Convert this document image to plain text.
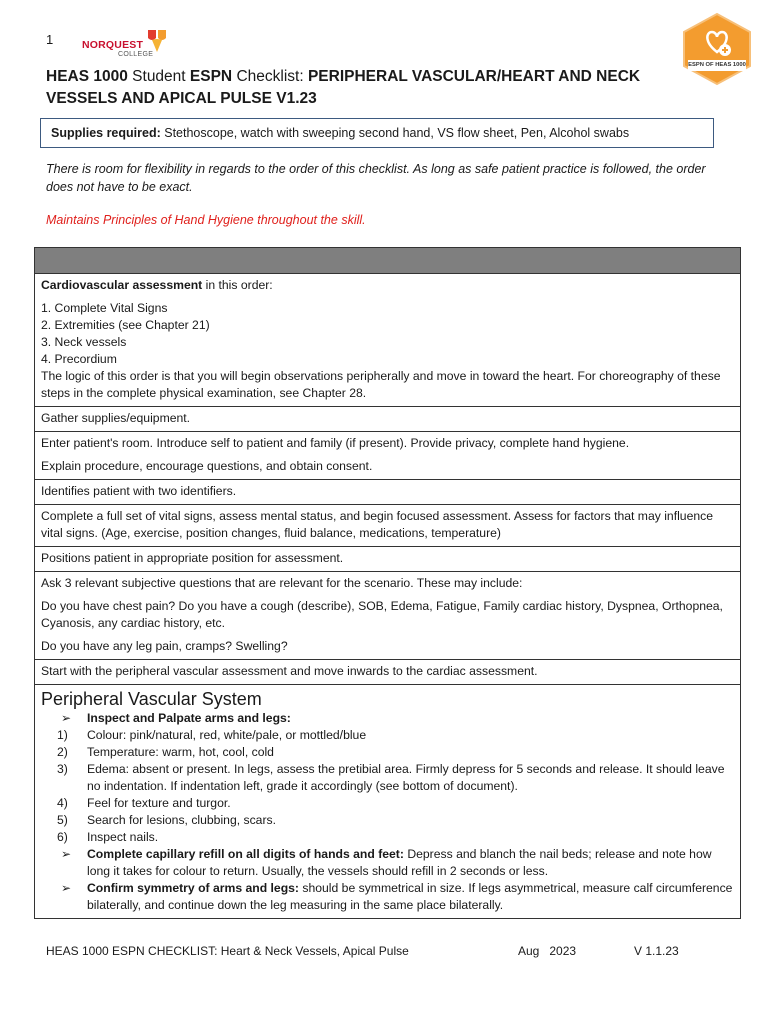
1	NORQUEST
COLLEGE
ESPN OF HEAS 1000
HEAS 1000 Student ESPN Checklist: PERIPHERAL VASCULAR/HEART AND NECK VESSELS AND APICAL PULSE V1.23
Supplies required: Stethoscope, watch with sweeping second hand, VS flow sheet, Pen, Alcohol swabs
There is room for flexibility in regards to the order of this checklist. As long as safe patient practice is followed, the order does not have to be exact.
Maintains Principles of Hand Hygiene throughout the skill.

Cardiovascular assessment in this order:

1. Complete Vital Signs

2. Extremities (see Chapter 21)

3. Neck vessels

4. Precordium

The logic of this order is that you will begin observations peripherally and move in toward the heart. For choreography of these steps in the complete physical examination, see Chapter 28.

Gather supplies/equipment.

Enter patient's room. Introduce self to patient and family (if present). Provide privacy, complete hand hygiene.

Explain procedure, encourage questions, and obtain consent.

Identifies patient with two identifiers.

Complete a full set of vital signs, assess mental status, and begin focused assessment. Assess for factors that may influence vital signs. (Age, exercise, position changes, fluid balance, medications, temperature)

Positions patient in appropriate position for assessment.

Ask 3 relevant subjective questions that are relevant for the scenario. These may include:

Do you have chest pain? Do you have a cough (describe), SOB, Edema, Fatigue, Family cardiac history, Dyspnea, Orthopnea, Cyanosis, any cardiac history, etc.

Do you have any leg pain, cramps? Swelling?

Start with the peripheral vascular assessment and move inwards to the cardiac assessment.

Peripheral Vascular System

➢ Inspect and Palpate arms and legs:

1) Colour: pink/natural, red, white/pale, or mottled/blue

2) Temperature: warm, hot, cool, cold

3) Edema: absent or present. In legs, assess the pretibial area. Firmly depress for 5 seconds and release. It should leave no indentation. If indentation left, grade it accordingly (see bottom of document).

4) Feel for texture and turgor.

5) Search for lesions, clubbing, scars.

6) Inspect nails.

➢ Complete capillary refill on all digits of hands and feet: Depress and blanch the nail beds; release and note how long it takes for colour to return. Usually, the vessels should refill in 2 seconds or less.

➢ Confirm symmetry of arms and legs: should be symmetrical in size. If legs asymmetrical, measure calf circumference bilaterally, and continue down the leg measuring in the same place bilaterally.

HEAS 1000 ESPN CHECKLIST: Heart & Neck Vessels, Apical Pulse	Aug   2023	V 1.1.23
